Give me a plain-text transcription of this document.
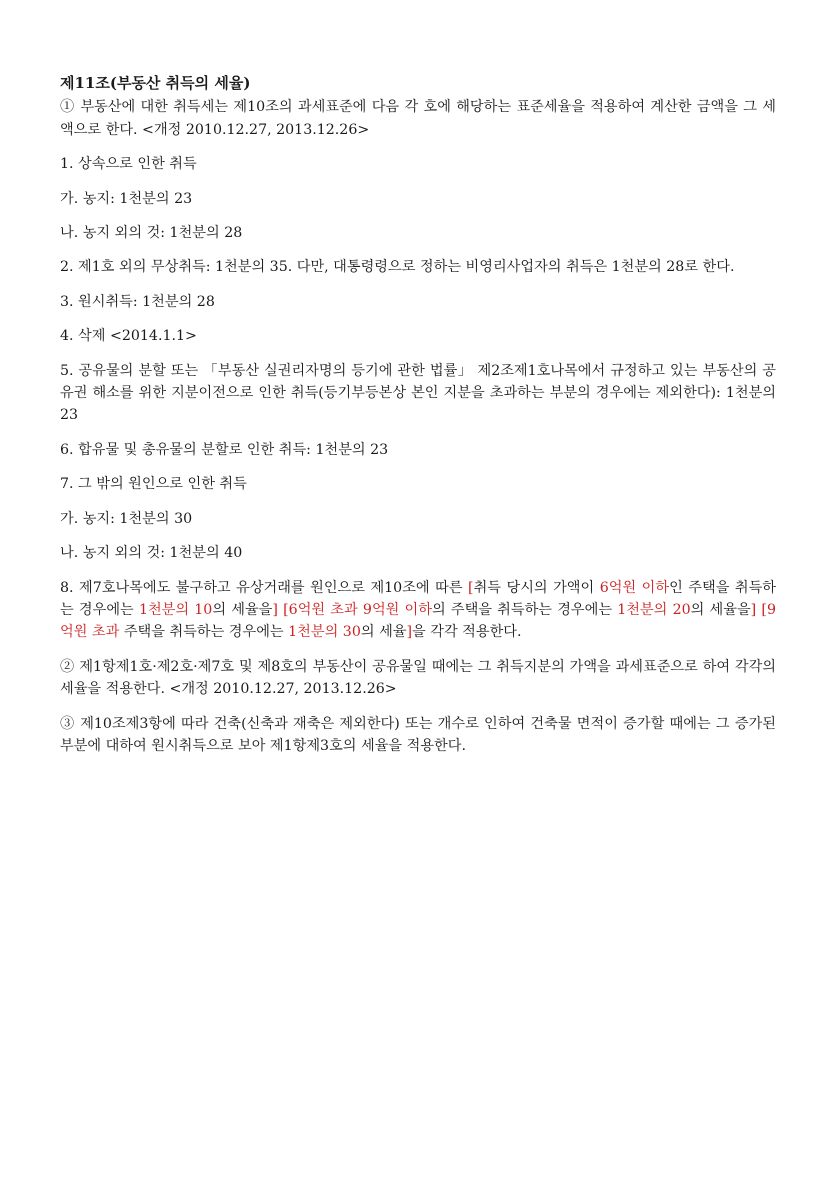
제11조(부동산 취득의 세율)

① 부동산에 대한 취득세는 제10조의 과세표준에 다음 각 호에 해당하는 표준세율을 적용하여 계산한 금액을 그 세액으로 한다. <개정 2010.12.27, 2013.12.26>

1. 상속으로 인한 취득

가. 농지: 1천분의 23

나. 농지 외의 것: 1천분의 28

2. 제1호 외의 무상취득: 1천분의 35. 다만, 대통령령으로 정하는 비영리사업자의 취득은 1천분의 28로 한다.

3. 원시취득: 1천분의 28

4. 삭제 <2014.1.1>

5. 공유물의 분할 또는 「부동산 실권리자명의 등기에 관한 법률」 제2조제1호나목에서 규정하고 있는 부동산의 공유권 해소를 위한 지분이전으로 인한 취득(등기부등본상 본인 지분을 초과하는 부분의 경우에는 제외한다): 1천분의 23

6. 합유물 및 총유물의 분할로 인한 취득: 1천분의 23

7. 그 밖의 원인으로 인한 취득

가. 농지: 1천분의 30

나. 농지 외의 것: 1천분의 40

8. 제7호나목에도 불구하고 유상거래를 원인으로 제10조에 따른 [취득 당시의 가액이 6억원 이하인 주택을 취득하는 경우에는 1천분의 10의 세율을] [6억원 초과 9억원 이하의 주택을 취득하는 경우에는 1천분의 20의 세율을] [9억원 초과 주택을 취득하는 경우에는 1천분의 30의 세율]을 각각 적용한다.

② 제1항제1호·제2호·제7호 및 제8호의 부동산이 공유물일 때에는 그 취득지분의 가액을 과세표준으로 하여 각각의 세율을 적용한다. <개정 2010.12.27, 2013.12.26>

③ 제10조제3항에 따라 건축(신축과 재축은 제외한다) 또는 개수로 인하여 건축물 면적이 증가할 때에는 그 증가된 부분에 대하여 원시취득으로 보아 제1항제3호의 세율을 적용한다.
